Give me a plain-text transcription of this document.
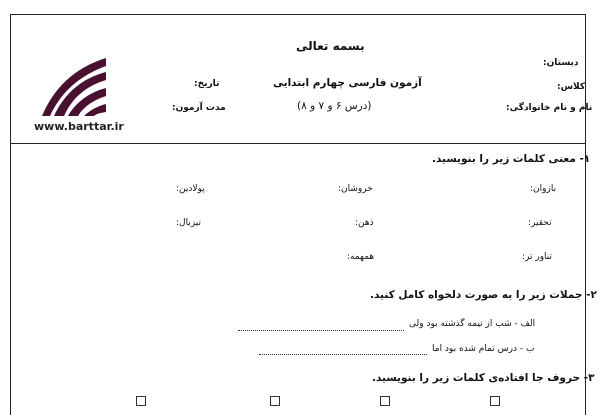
www.barttar.ir
بسمه تعالی
آزمون فارسی چهارم ابتدایی
(درس ۶ و ۷ و ۸)
دبستان:
کلاس:
نام و نام خانوادگی:
تاریخ:
مدت آزمون:
۱- معنی کلمات زیر را بنویسید.
بازوان:
خروشان:
پولادین:
تحقیر:
ذهن:
تیزبال:
تناور تر:
همهمه:
۲- جملات زیر را به صورت دلخواه کامل کنید.
الف - شب از نیمه گذشته بود ولی
ب - درس تمام شده بود اما
۳- حروف جا افتاده‌ی کلمات زیر را بنویسید.
